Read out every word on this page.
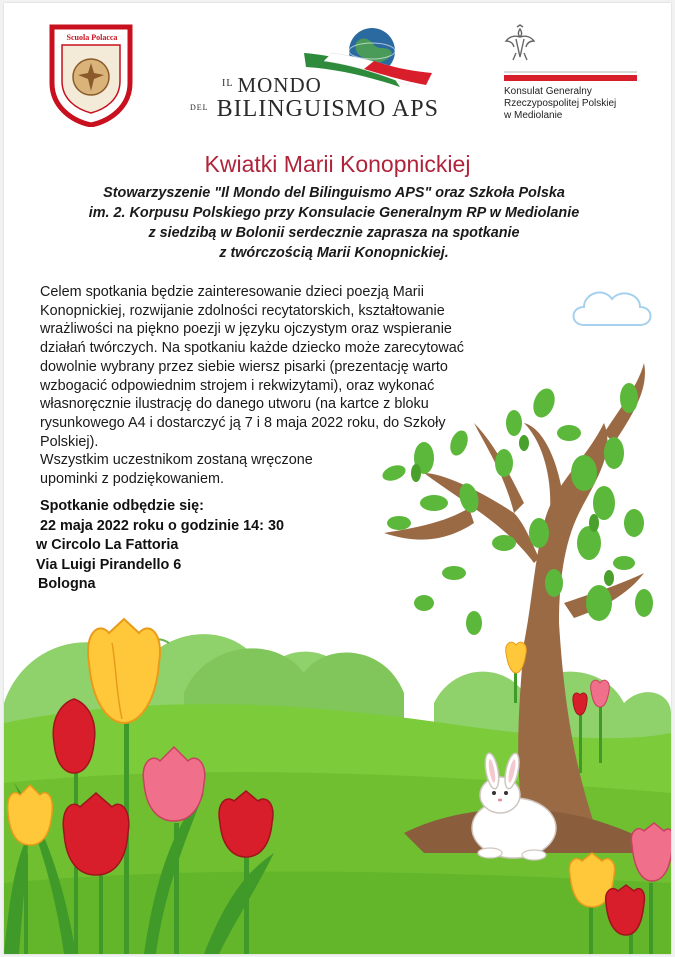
Scuola Polacca
$^{IL}$ MONDO
$^{DEL}$ BILINGUISMO APS
Konsulat Generalny
Rzeczypospolitej Polskiej
w Mediolanie
Kwiatki Marii Konopnickiej
Stowarzyszenie "Il Mondo del Bilinguismo APS" oraz Szkoła Polska
im. 2. Korpusu Polskiego przy Konsulacie Generalnym RP w Mediolanie
z siedzibą w Bolonii serdecznie zaprasza na spotkanie
z twórczością Marii Konopnickiej.

Celem spotkania będzie zainteresowanie dzieci poezją Marii

Konopnickiej, rozwijanie zdolności recytatorskich, kształtowanie

wrażliwości na piękno poezji w języku ojczystym oraz wspieranie

działań twórczych. Na spotkaniu każde dziecko może zarecytować

dowolnie wybrany przez siebie wiersz pisarki (prezentację warto

wzbogacić odpowiednim strojem i rekwizytami), oraz wykonać

własnoręcznie ilustrację do danego utworu (na kartce z bloku

rysunkowego A4 i dostarczyć ją 7 i 8 maja 2022 roku, do Szkoły

Polskiej).

Wszystkim uczestnikom zostaną wręczone

upominki z podziękowaniem.

Spotkanie odbędzie się:
22 maja 2022 roku o godzinie 14: 30
w Circolo La Fattoria
Via Luigi Pirandello 6
Bologna
